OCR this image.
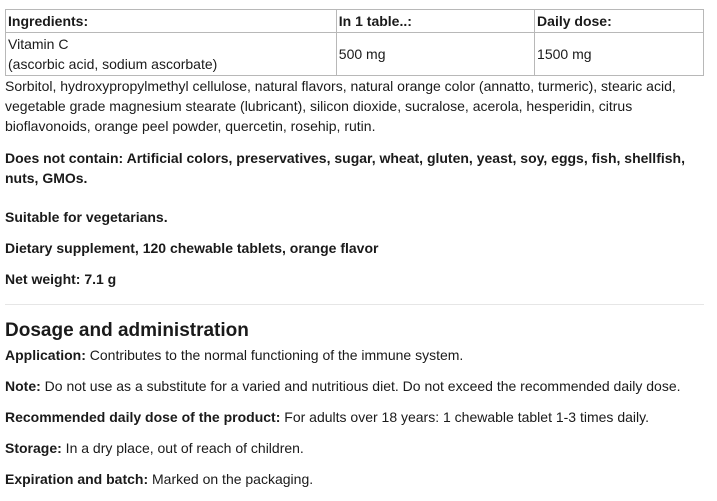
Ingredients:	In 1 table..:	Daily dose:

Vitamin C
(ascorbic acid, sodium ascorbate)	500 mg	1500 mg

Sorbitol, hydroxypropylmethyl cellulose, natural flavors, natural orange color (annatto, turmeric), stearic acid, vegetable grade magnesium stearate (lubricant), silicon dioxide, sucralose, acerola, hesperidin, citrus bioflavonoids, orange peel powder, quercetin, rosehip, rutin.

Does not contain: Artificial colors, preservatives, sugar, wheat, gluten, yeast, soy, eggs, fish, shellfish, nuts, GMOs.

Suitable for vegetarians.

Dietary supplement, 120 chewable tablets, orange flavor

Net weight: 7.1 g

Dosage and administration

Application: Contributes to the normal functioning of the immune system.

Note: Do not use as a substitute for a varied and nutritious diet. Do not exceed the recommended daily dose.

Recommended daily dose of the product: For adults over 18 years: 1 chewable tablet 1-3 times daily.

Storage: In a dry place, out of reach of children.

Expiration and batch: Marked on the packaging.
